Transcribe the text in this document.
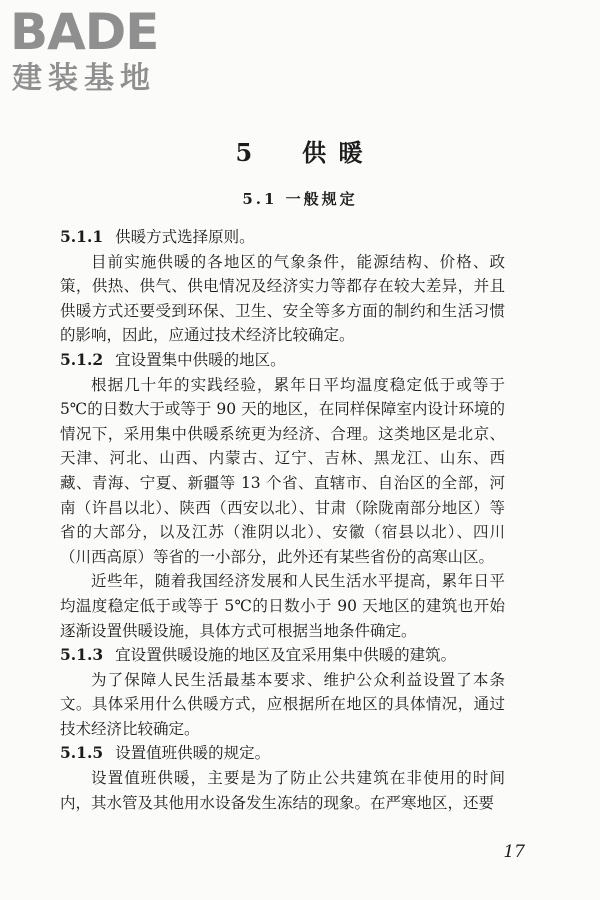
BADE
建装基地
5 供 暖
5.1 一般规定

5.1.1 供暖方式选择原则。

目前实施供暖的各地区的气象条件，能源结构、价格、政策，供热、供气、供电情况及经济实力等都存在较大差异，并且供暖方式还要受到环保、卫生、安全等多方面的制约和生活习惯的影响，因此，应通过技术经济比较确定。

5.1.2 宜设置集中供暖的地区。

根据几十年的实践经验，累年日平均温度稳定低于或等于5℃的日数大于或等于 90 天的地区，在同样保障室内设计环境的情况下，采用集中供暖系统更为经济、合理。这类地区是北京、天津、河北、山西、内蒙古、辽宁、吉林、黑龙江、山东、西藏、青海、宁夏、新疆等 13 个省、直辖市、自治区的全部，河南（许昌以北）、陕西（西安以北）、甘肃（除陇南部分地区）等省的大部分，以及江苏（淮阴以北）、安徽（宿县以北）、四川（川西高原）等省的一小部分，此外还有某些省份的高寒山区。

近些年，随着我国经济发展和人民生活水平提高，累年日平均温度稳定低于或等于 5℃的日数小于 90 天地区的建筑也开始逐渐设置供暖设施，具体方式可根据当地条件确定。

5.1.3 宜设置供暖设施的地区及宜采用集中供暖的建筑。

为了保障人民生活最基本要求、维护公众利益设置了本条文。具体采用什么供暖方式，应根据所在地区的具体情况，通过技术经济比较确定。

5.1.5 设置值班供暖的规定。

设置值班供暖，主要是为了防止公共建筑在非使用的时间内，其水管及其他用水设备发生冻结的现象。在严寒地区，还要

17
